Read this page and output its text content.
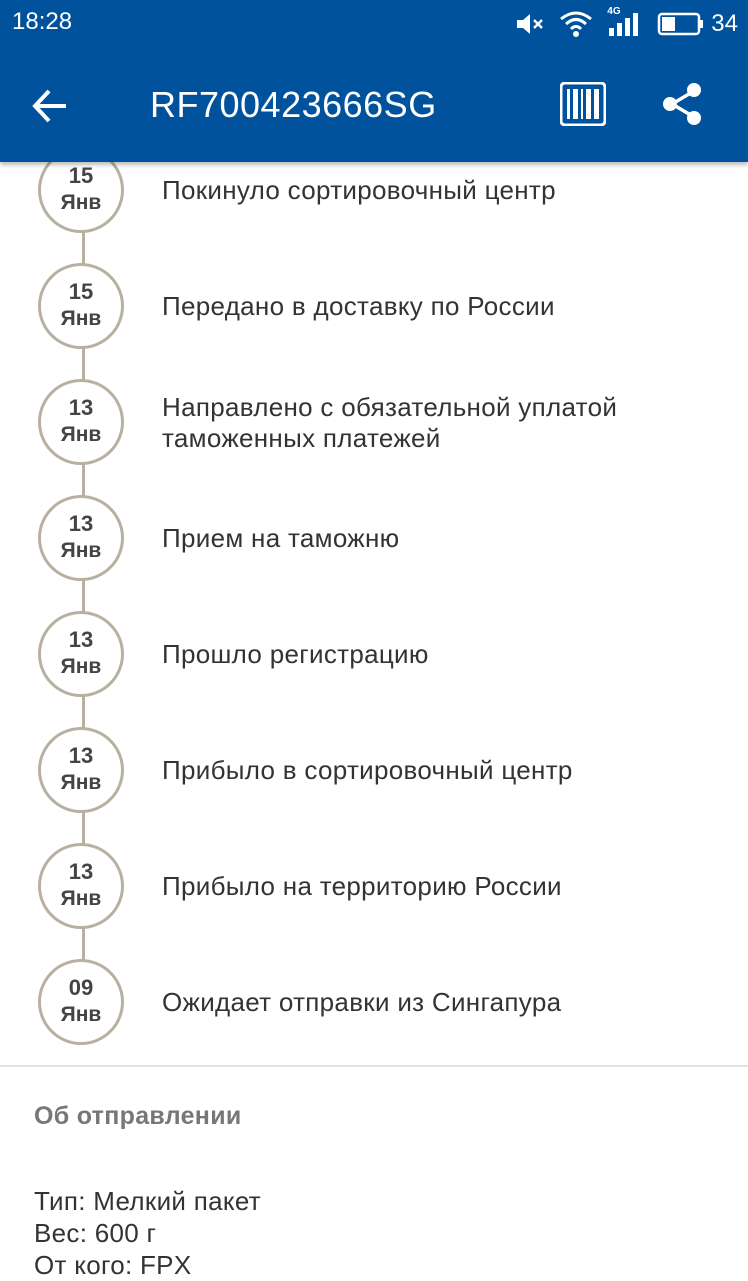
18:28	4G	34
RF700423666SG
15
Янв Покинуло сортировочный центр
15
Янв Передано в доставку по России
13
Янв
Направлено с обязательной уплатой таможенных платежей
13
Янв Прием на таможню
13
Янв Прошло регистрацию
13
Янв Прибыло в сортировочный центр
13
Янв Прибыло на территорию России
09
Янв Ожидает отправки из Сингапура
Об отправлении
Тип: Мелкий пакет
Вес: 600 г
От кого: FPX
